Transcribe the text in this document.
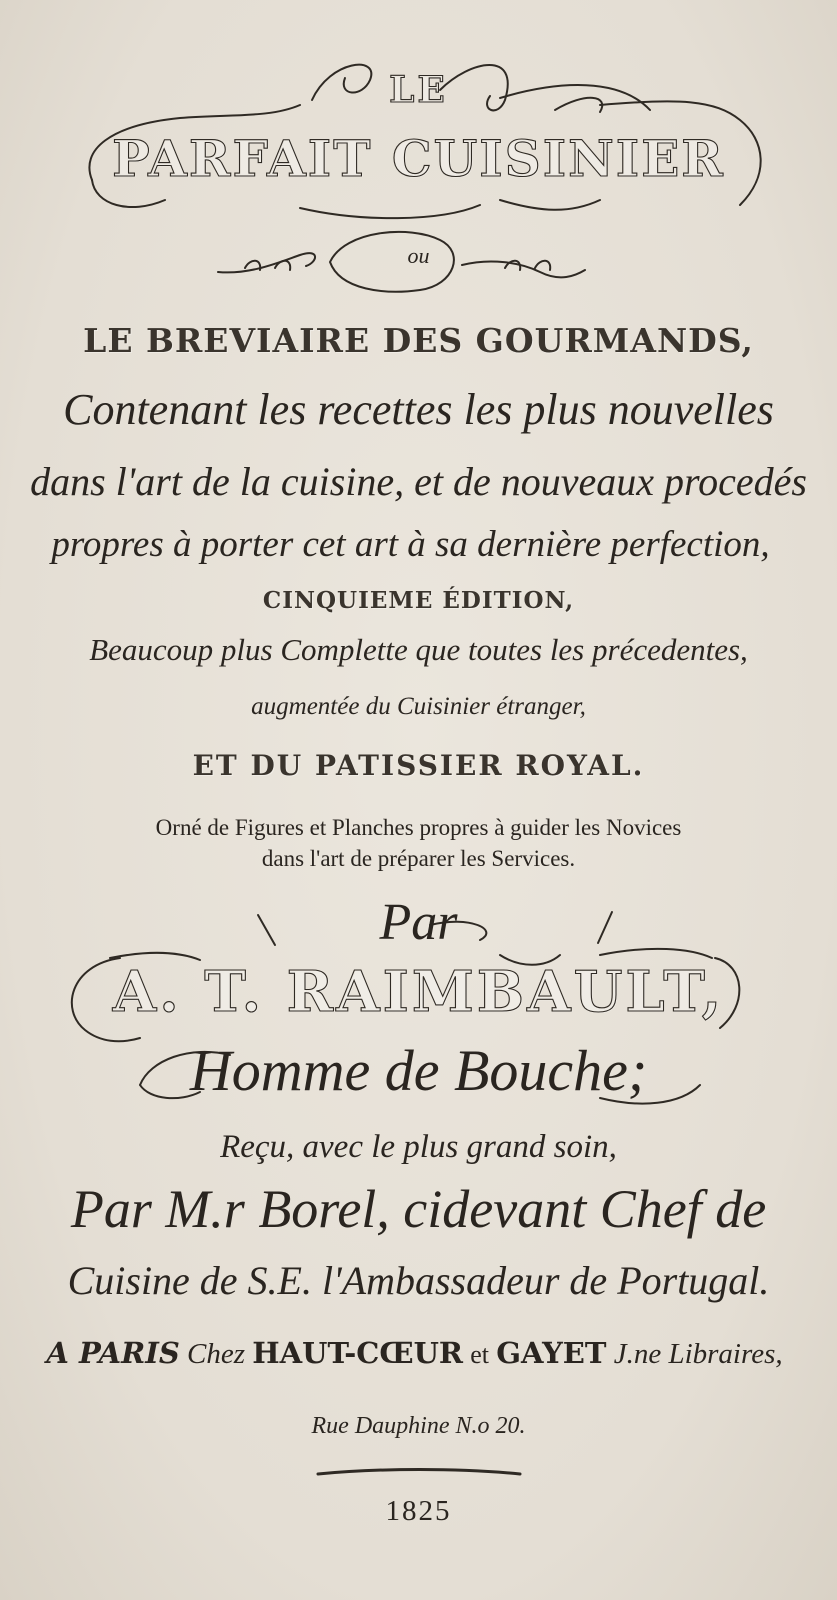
LE
PARFAIT CUISINIER
ou
LE BREVIAIRE DES GOURMANDS,
Contenant les recettes les plus nouvelles
dans l'art de la cuisine, et de nouveaux procedés
propres à porter cet art à sa dernière perfection,
CINQUIEME ÉDITION,
Beaucoup plus Complette que toutes les précedentes,
augmentée du Cuisinier étranger,
ET DU PATISSIER ROYAL.
Orné de Figures et Planches propres à guider les Novices
dans l'art de préparer les Services.
Par
A. T. RAIMBAULT,
Homme de Bouche;
Reçu, avec le plus grand soin,
Par M.r Borel, cidevant Chef de
Cuisine de S.E. l'Ambassadeur de Portugal.
A PARIS Chez HAUT-CŒUR et GAYET J.ne Libraires,
Rue Dauphine N.o 20.
1825
